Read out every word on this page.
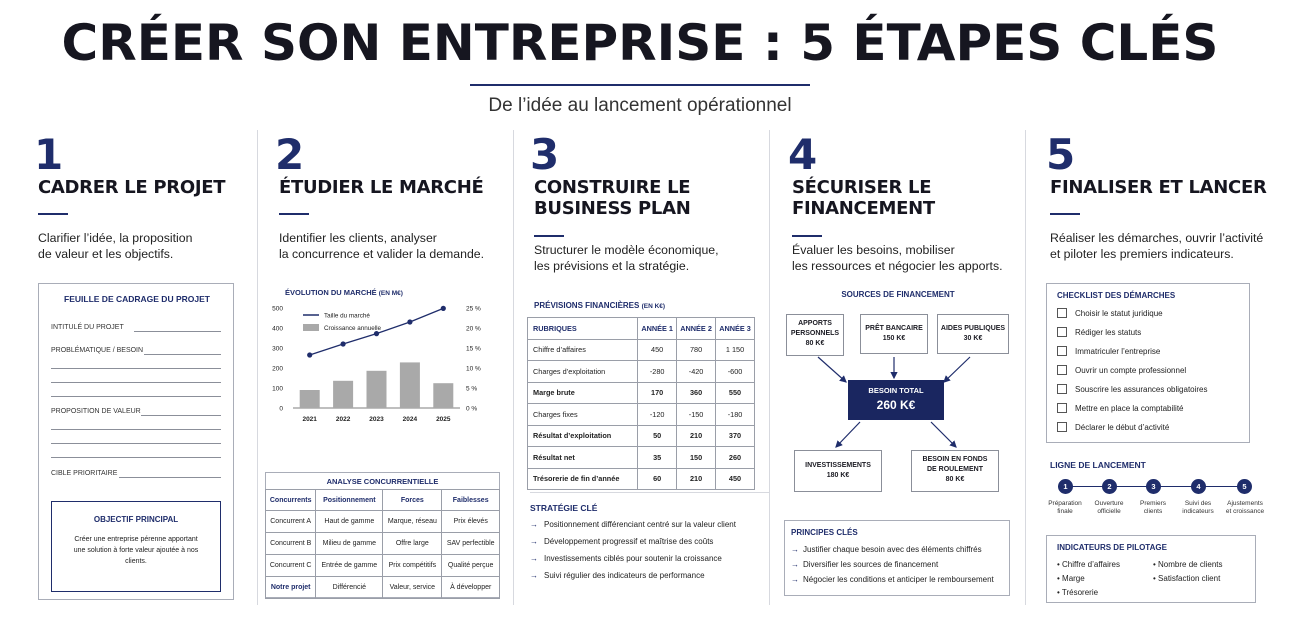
CRÉER SON ENTREPRISE : 5 ÉTAPES CLÉS
De l’idée au lancement opérationnel
1
CADRER LE PROJET
Clarifier l’idée, la proposition
de valeur et les objectifs.
FEUILLE DE CADRAGE DU PROJET
INTITULÉ DU PROJET
PROBLÉMATIQUE / BESOIN
PROPOSITION DE VALEUR
CIBLE PRIORITAIRE
OBJECTIF PRINCIPAL
Créer une entreprise pérenne apportant une solution à forte valeur ajoutée à nos clients.
2
ÉTUDIER LE MARCHÉ
Identifier les clients, analyser
la concurrence et valider la demande.
ÉVOLUTION DU MARCHÉ (EN M€)
0
100
200
300
400
500
0 %
5 %
10 %
15 %
20 %
25 %
2021	2022	2023	2024	2025
Taille du marché
Croissance annuelle
ANALYSE CONCURRENTIELLE
Concurrents	Positionnement	Forces	Faiblesses
Concurrent A	Haut de gamme	Marque, réseau	Prix élevés
Concurrent B	Milieu de gamme	Offre large	SAV perfectible
Concurrent C	Entrée de gamme	Prix compétitifs	Qualité perçue
Notre projet	Différencié	Valeur, service	À développer
3
CONSTRUIRE LE
BUSINESS PLAN
Structurer le modèle économique,
les prévisions et la stratégie.
PRÉVISIONS FINANCIÈRES (EN K€)
RUBRIQUES	ANNÉE 1	ANNÉE 2	ANNÉE 3
Chiffre d’affaires	450	780	1 150
Charges d’exploitation	-280	-420	-600
Marge brute	170	360	550
Charges fixes	-120	-150	-180
Résultat d’exploitation	50	210	370
Résultat net	35	150	260
Trésorerie de fin d’année	60	210	450
STRATÉGIE CLÉ
→ Positionnement différenciant centré sur la valeur client
→ Développement progressif et maîtrise des coûts
→ Investissements ciblés pour soutenir la croissance
→ Suivi régulier des indicateurs de performance
4
SÉCURISER LE
FINANCEMENT
Évaluer les besoins, mobiliser
les ressources et négocier les apports.
SOURCES DE FINANCEMENT
APPORTS
PERSONNELS
80 K€
PRÊT BANCAIRE
150 K€
AIDES PUBLIQUES
30 K€
BESOIN TOTAL
260 K€
INVESTISSEMENTS
180 K€
BESOIN EN FONDS
DE ROULEMENT
80 K€
PRINCIPES CLÉS
→ Justifier chaque besoin avec des éléments chiffrés
→ Diversifier les sources de financement
→ Négocier les conditions et anticiper le remboursement
5
FINALISER ET LANCER
Réaliser les démarches, ouvrir l’activité
et piloter les premiers indicateurs.
CHECKLIST DES DÉMARCHES
Choisir le statut juridique
Rédiger les statuts
Immatriculer l’entreprise
Ouvrir un compte professionnel
Souscrire les assurances obligatoires
Mettre en place la comptabilité
Déclarer le début d’activité
LIGNE DE LANCEMENT
1	2	3	4	5
Préparation
finale
Ouverture
officielle
Premiers
clients
Suivi des
indicateurs
Ajustements
et croissance
INDICATEURS DE PILOTAGE
• Chiffre d’affaires
• Marge
• Trésorerie
• Nombre de clients
• Satisfaction client
